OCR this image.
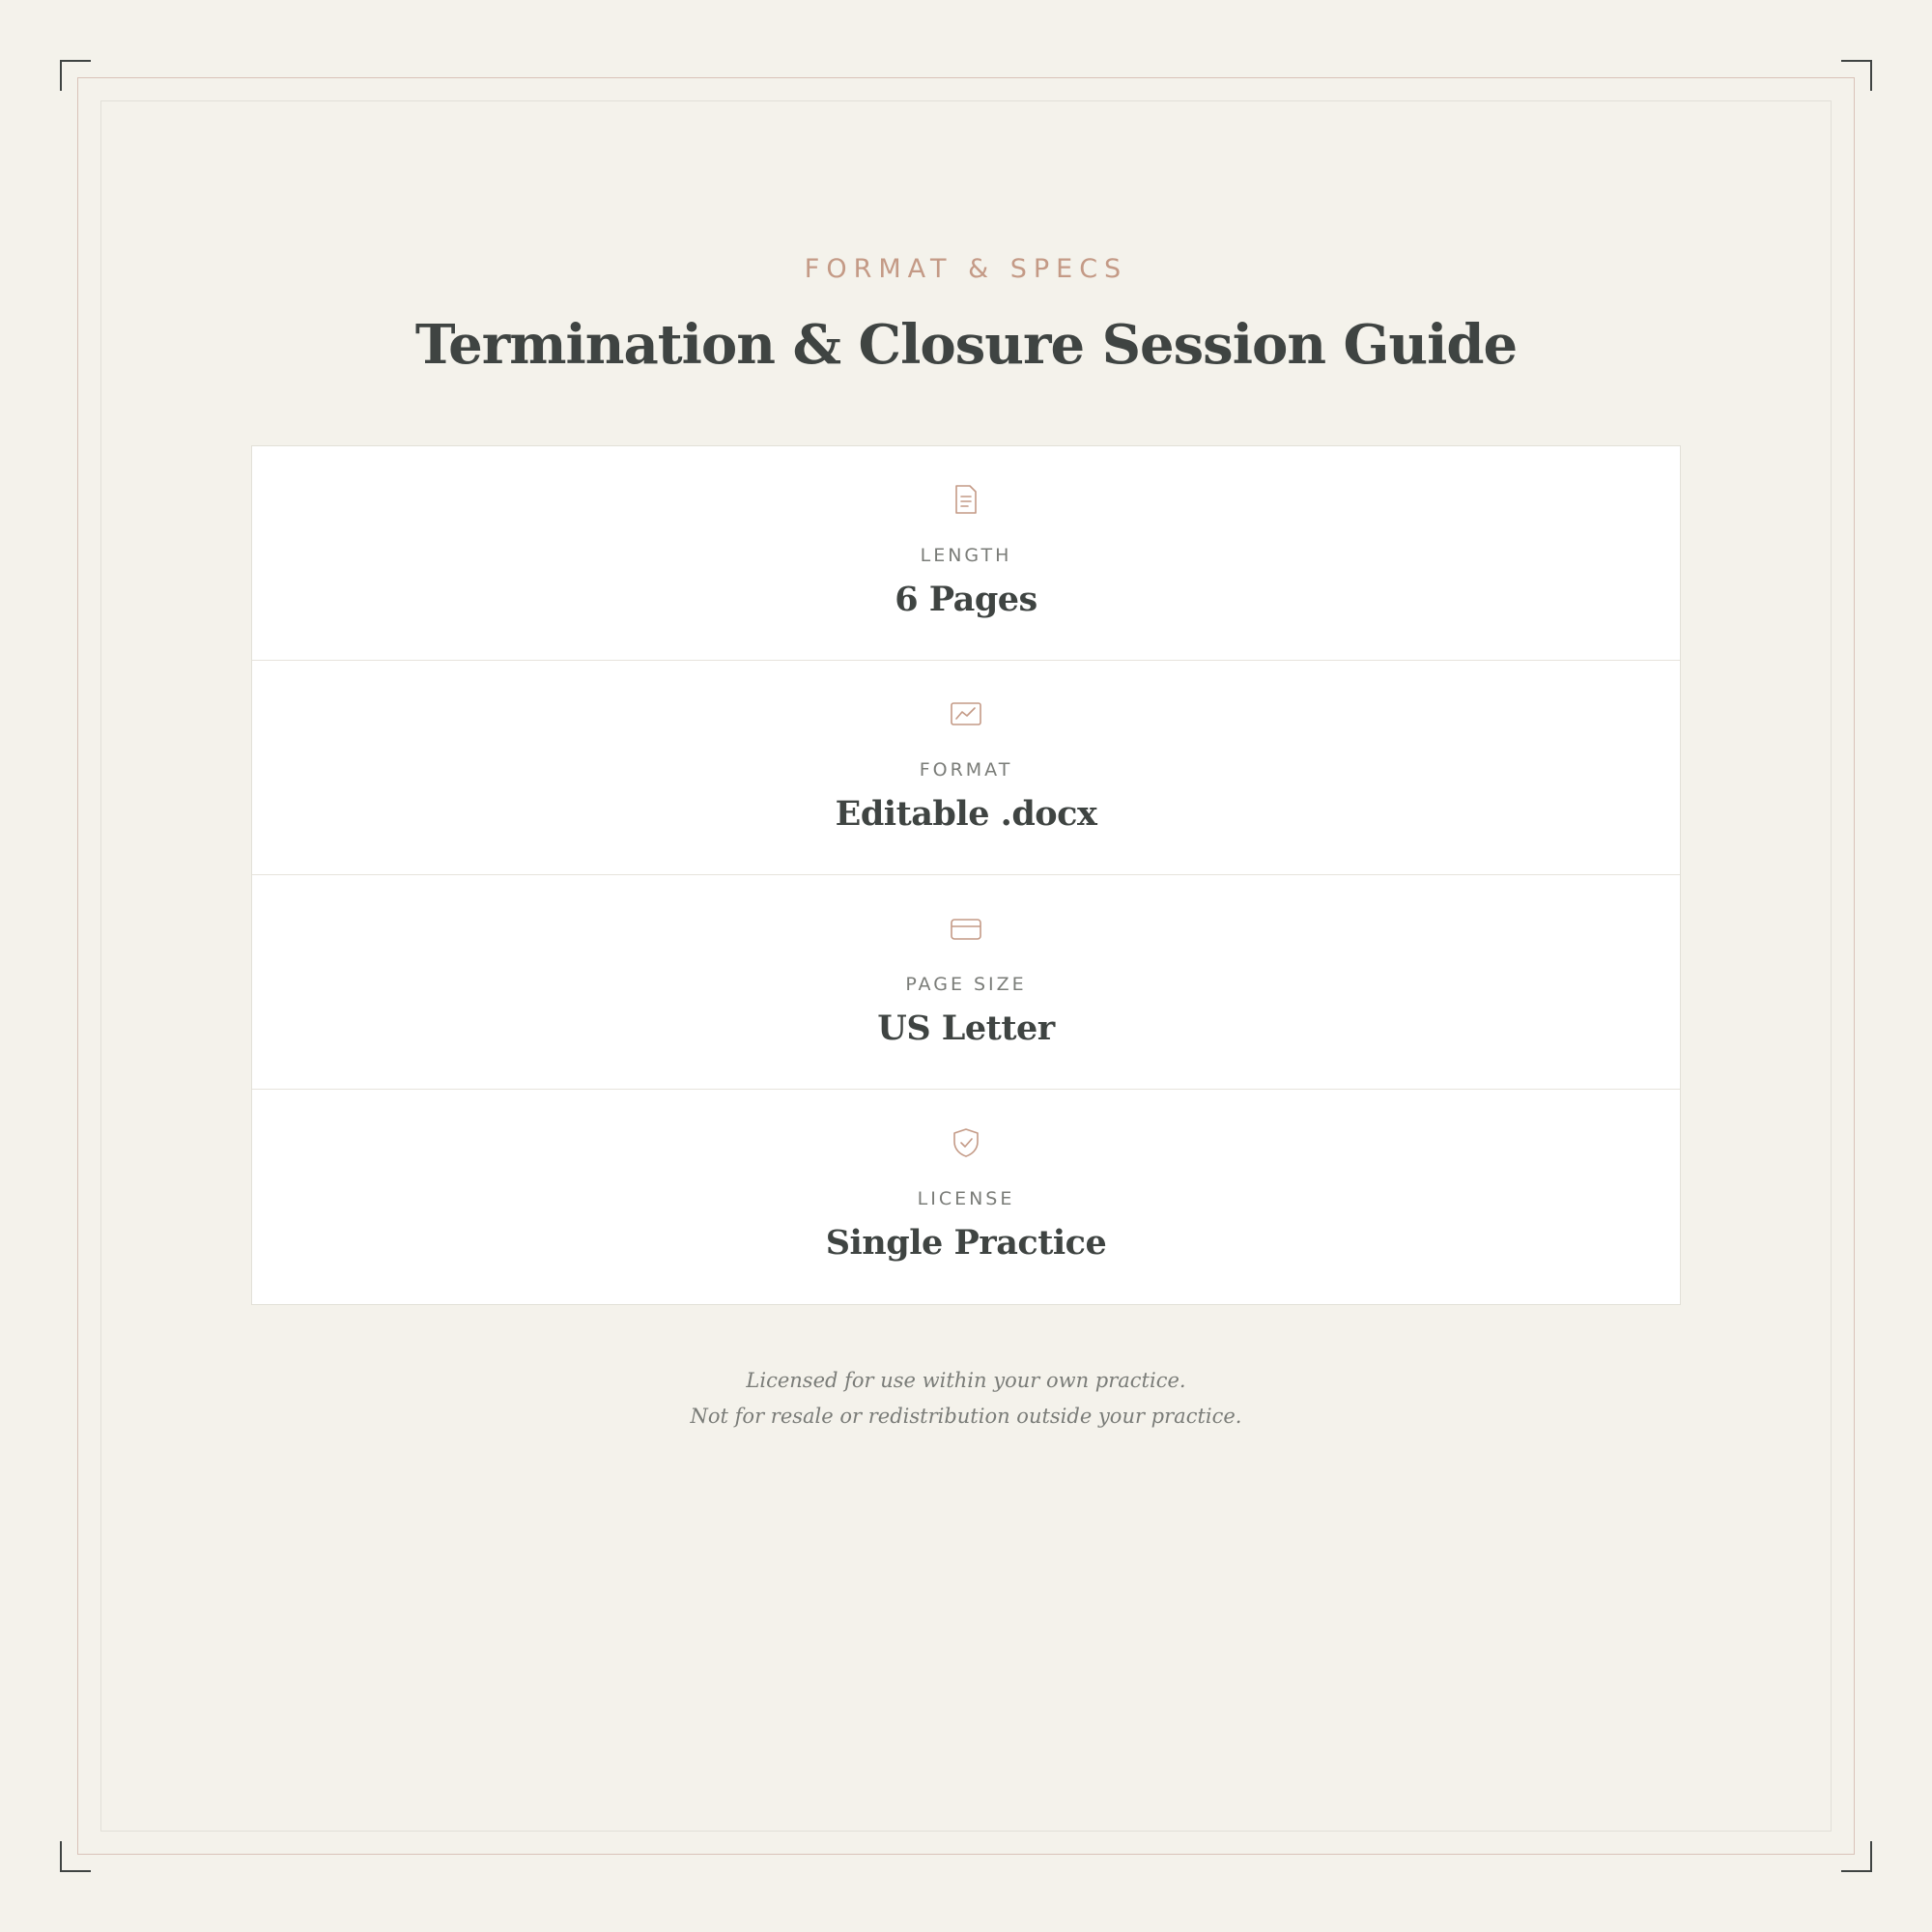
FORMAT & SPECS
Termination & Closure Session Guide
LENGTH
6 Pages
FORMAT
Editable .docx
PAGE SIZE
US Letter
LICENSE
Single Practice
Licensed for use within your own practice.
Not for resale or redistribution outside your practice.
